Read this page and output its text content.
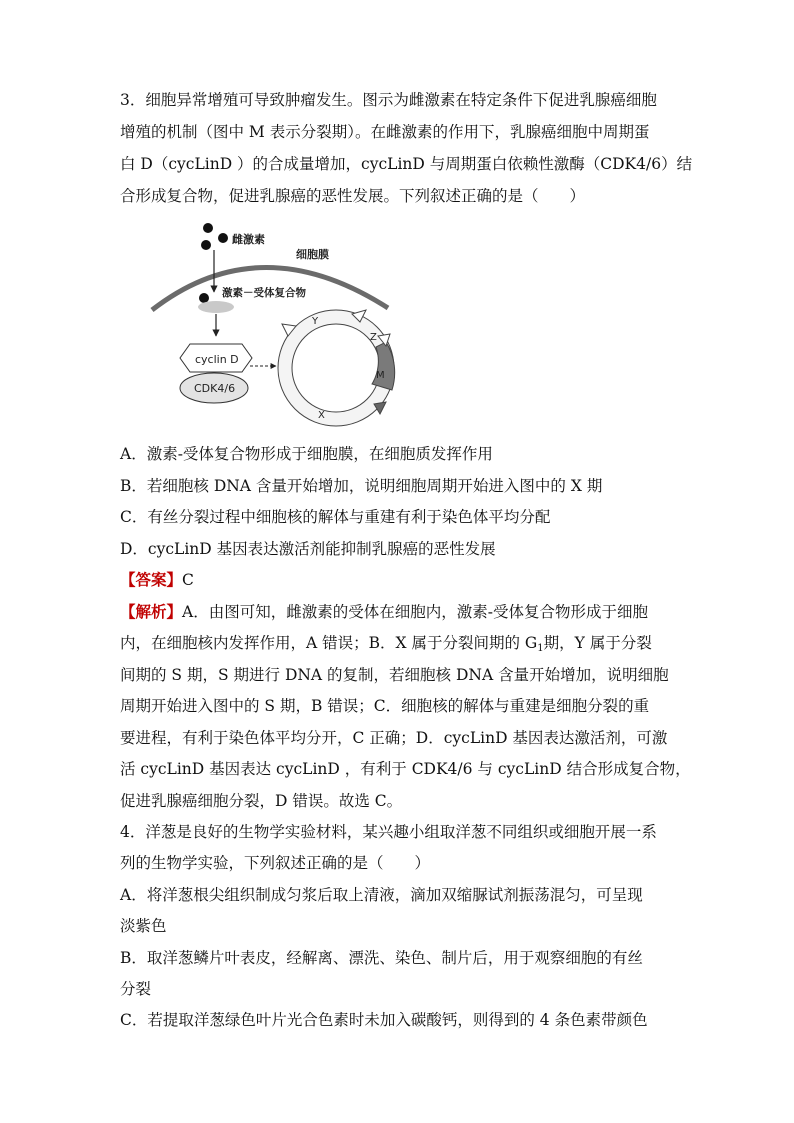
3．细胞异常增殖可导致肿瘤发生。图示为雌激素在特定条件下促进乳腺癌细胞
增殖的机制（图中 M 表示分裂期）。在雌激素的作用下，乳腺癌细胞中周期蛋
白 D（cycLinD ）的合成量增加，cycLinD 与周期蛋白依赖性激酶（CDK4/6）结
合形成复合物，促进乳腺癌的恶性发展。下列叙述正确的是（　　）
雌激素
细胞膜
激素－受体复合物
cyclin D
CDK4/6
Y
Z
M
X
A．激素-受体复合物形成于细胞膜，在细胞质发挥作用
B．若细胞核 DNA 含量开始增加，说明细胞周期开始进入图中的 X 期
C．有丝分裂过程中细胞核的解体与重建有利于染色体平均分配
D．cycLinD 基因表达激活剂能抑制乳腺癌的恶性发展
【答案】C
【解析】A．由图可知，雌激素的受体在细胞内，激素-受体复合物形成于细胞
内，在细胞核内发挥作用，A 错误；B．X 属于分裂间期的 $G_1$期，Y 属于分裂
间期的 S 期，S 期进行 DNA 的复制，若细胞核 DNA 含量开始增加，说明细胞
周期开始进入图中的 S 期，B 错误；C．细胞核的解体与重建是细胞分裂的重
要进程，有利于染色体平均分开，C 正确；D．cycLinD 基因表达激活剂，可激
活 cycLinD 基因表达 cycLinD ，有利于 CDK4/6 与 cycLinD 结合形成复合物，
促进乳腺癌细胞分裂，D 错误。故选 C。
4．洋葱是良好的生物学实验材料，某兴趣小组取洋葱不同组织或细胞开展一系
列的生物学实验，下列叙述正确的是（　　）
A．将洋葱根尖组织制成匀浆后取上清液，滴加双缩脲试剂振荡混匀，可呈现
淡紫色
B．取洋葱鳞片叶表皮，经解离、漂洗、染色、制片后，用于观察细胞的有丝
分裂
C．若提取洋葱绿色叶片光合色素时未加入碳酸钙，则得到的 4 条色素带颜色
